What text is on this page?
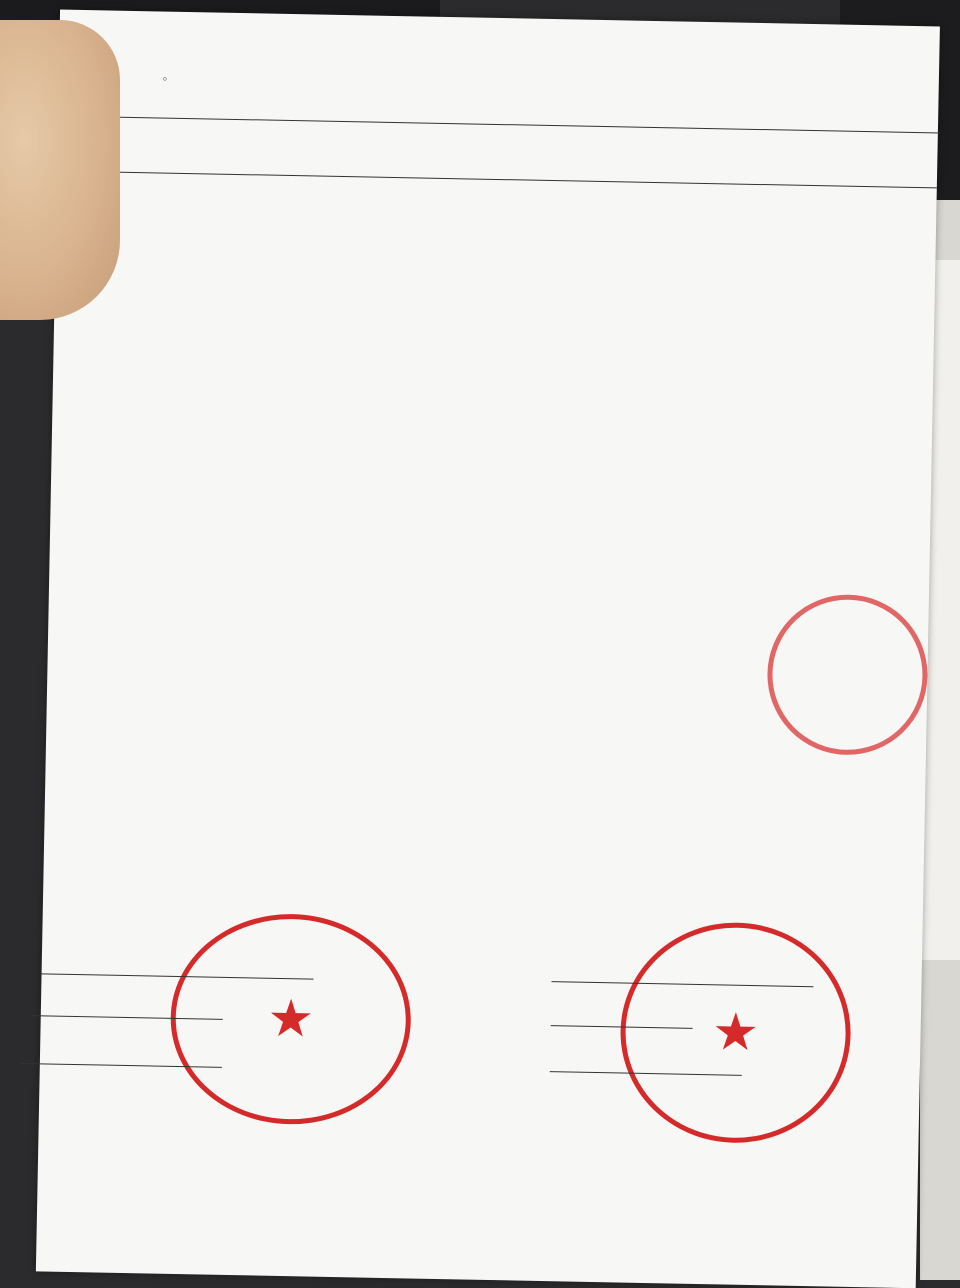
。
★	★
